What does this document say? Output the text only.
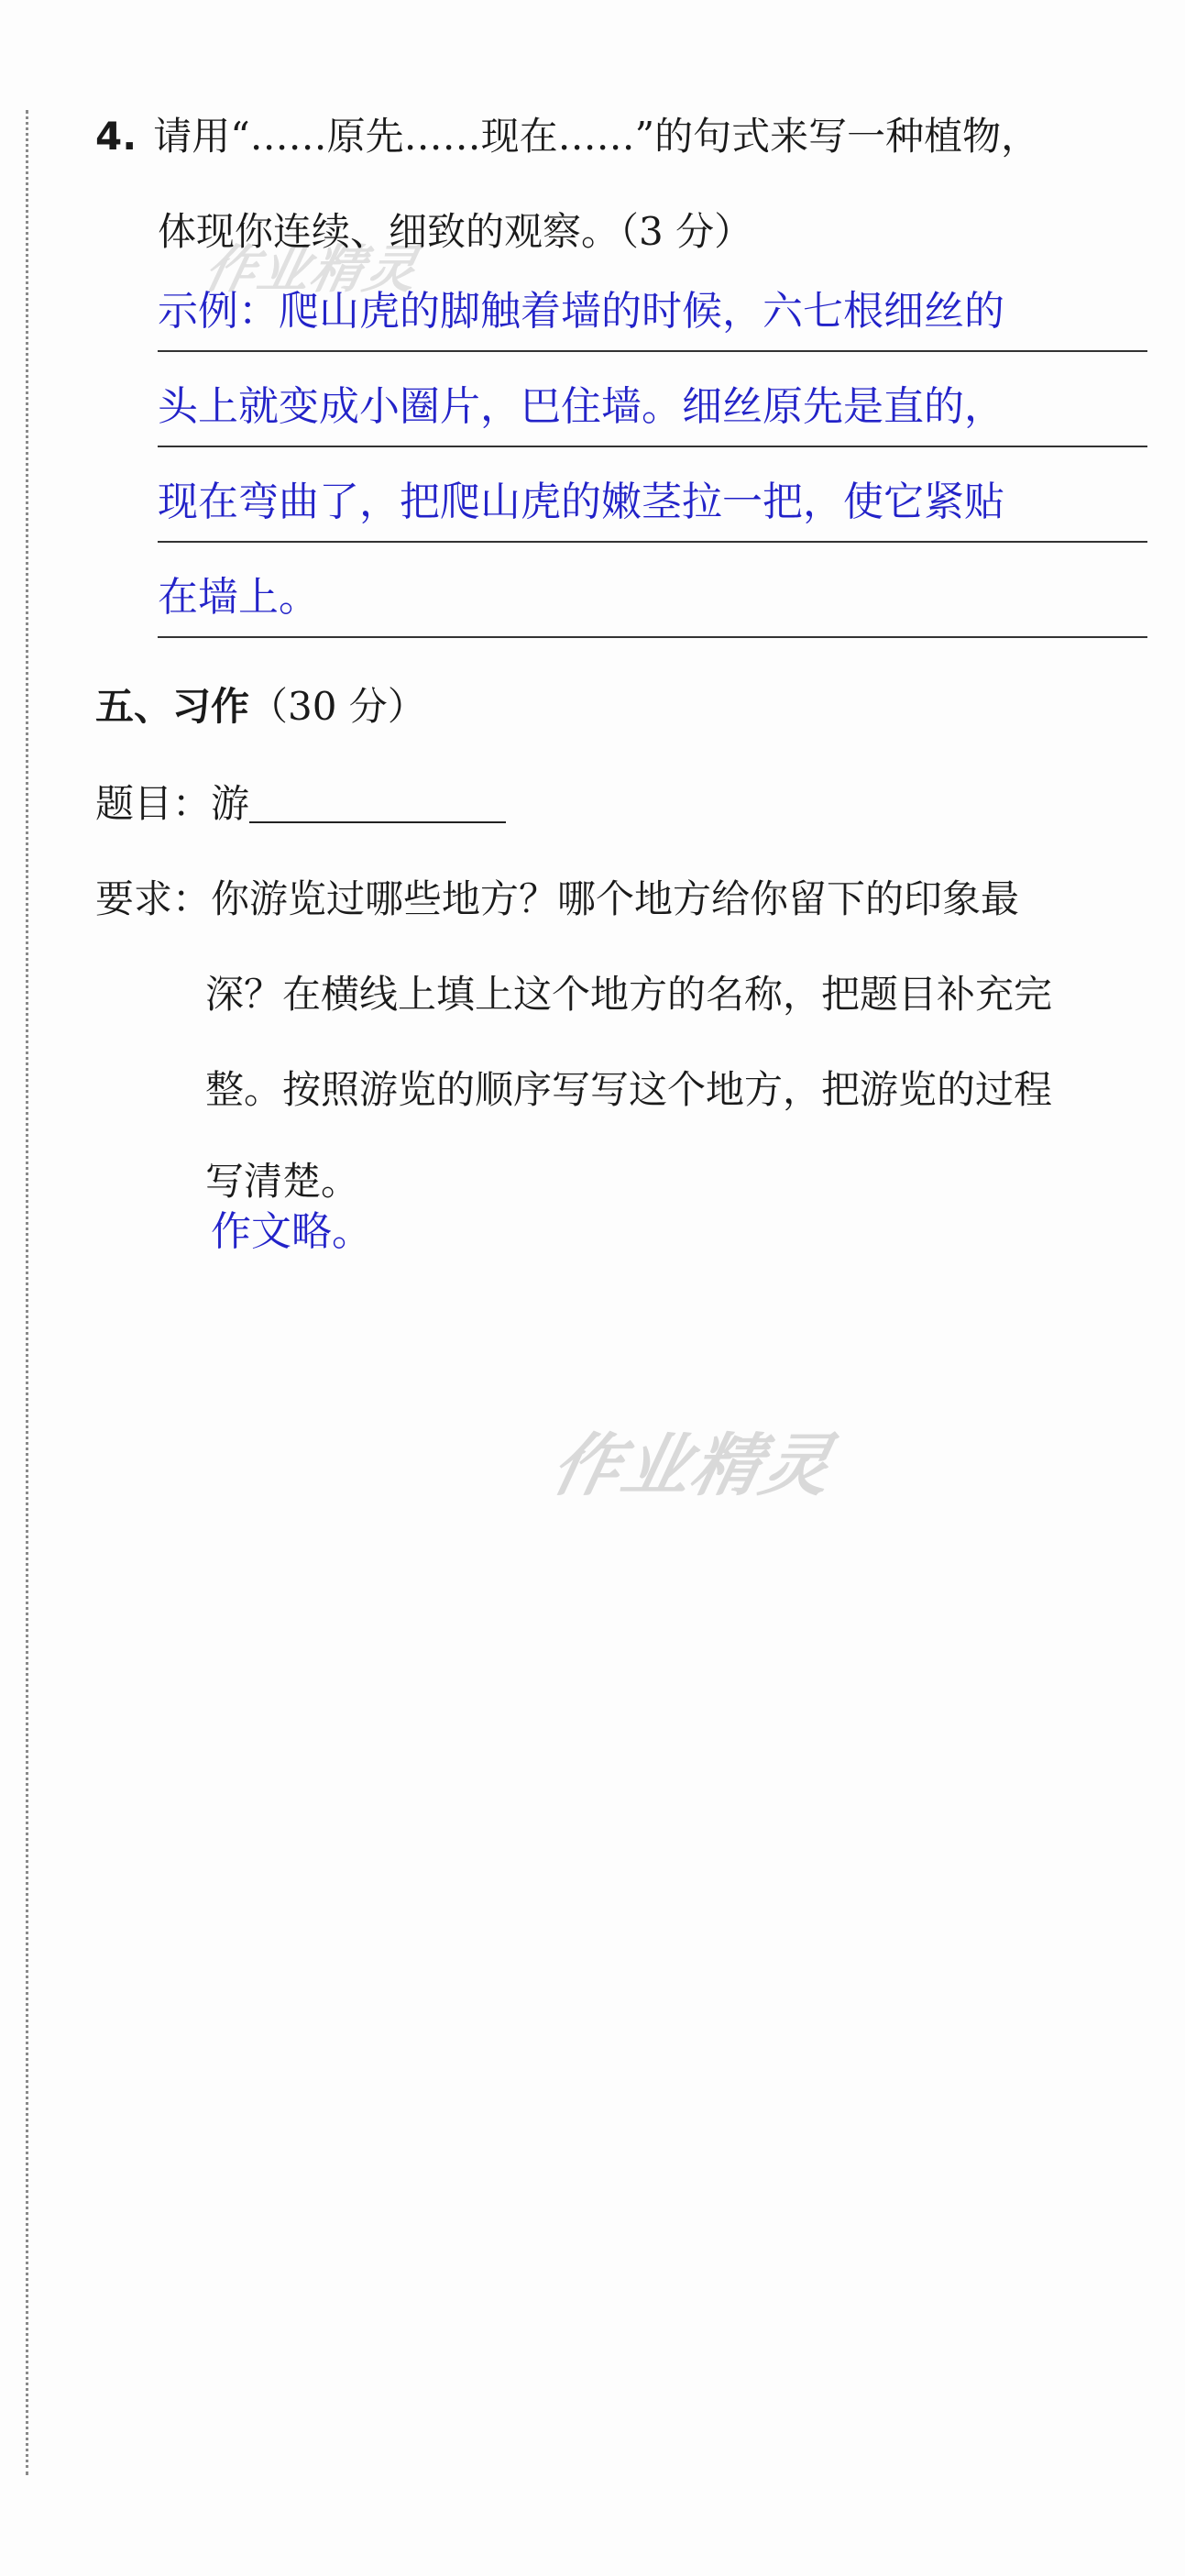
作业精灵
作业精灵
4. 请用“……原先……现在……”的句式来写一种植物，
体现你连续、细致的观察。（3 分）
示例：爬山虎的脚触着墙的时候，六七根细丝的
头上就变成小圈片，巴住墙。细丝原先是直的，
现在弯曲了，把爬山虎的嫩茎拉一把，使它紧贴
在墙上。
五、习作（30 分）
题目：游
要求：你游览过哪些地方？哪个地方给你留下的印象最
深？在横线上填上这个地方的名称，把题目补充完
整。按照游览的顺序写写这个地方，把游览的过程
写清楚。
作文略。
